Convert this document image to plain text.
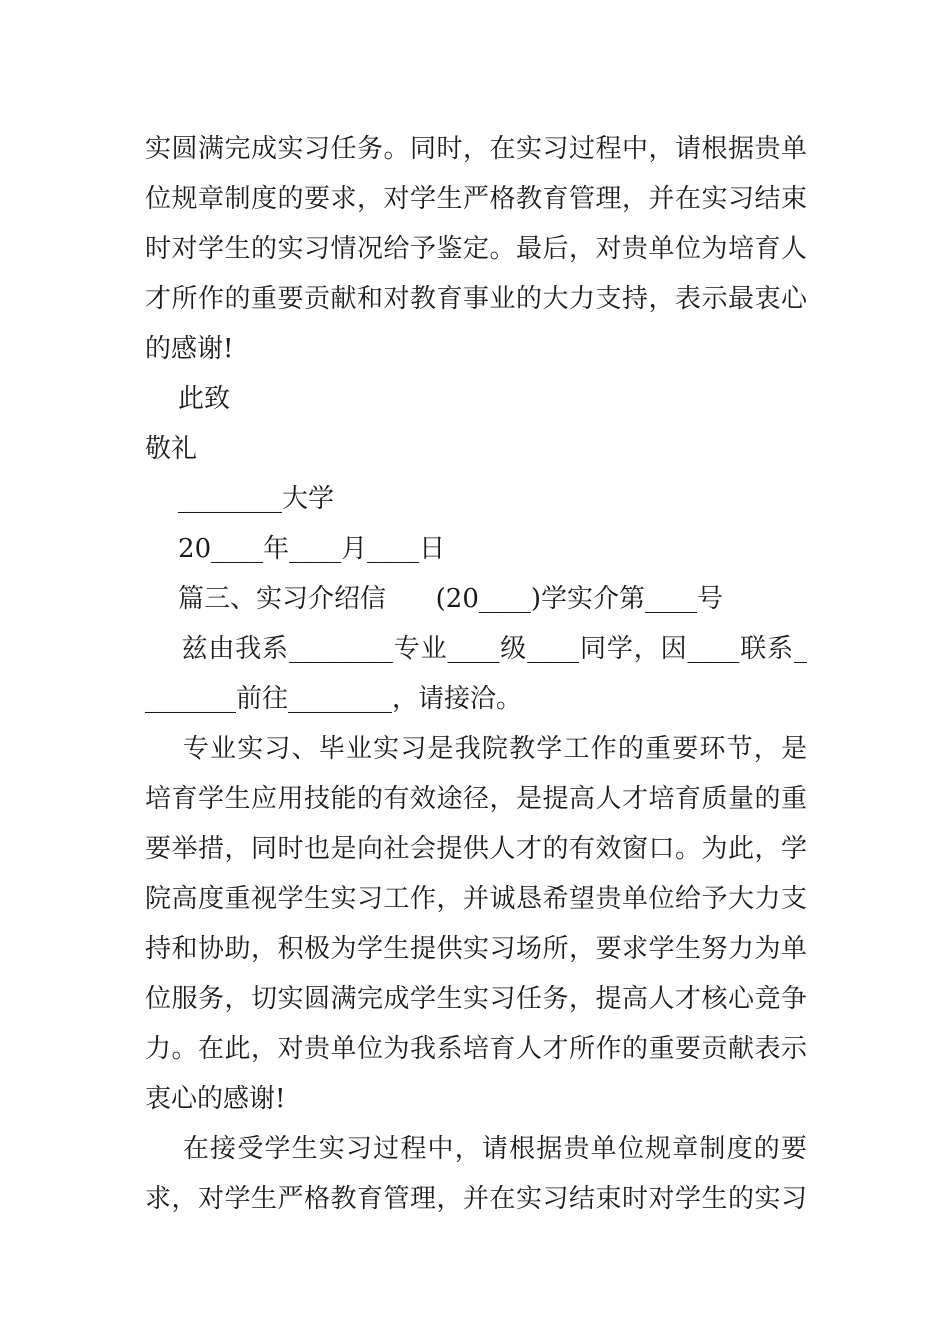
实圆满完成实习任务。同时，在实习过程中，请根据贵单
位规章制度的要求，对学生严格教育管理，并在实习结束
时对学生的实习情况给予鉴定。最后，对贵单位为培育人
才所作的重要贡献和对教育事业的大力支持，表示最衷心
的感谢!
此致
敬礼
________大学
20____年____月____日
篇三、实习介绍信      (20____)学实介第____号
兹由我系________专业____级____同学，因____联系_
_______前往________，请接洽。
专业实习、毕业实习是我院教学工作的重要环节，是
培育学生应用技能的有效途径，是提高人才培育质量的重
要举措，同时也是向社会提供人才的有效窗口。为此，学
院高度重视学生实习工作，并诚恳希望贵单位给予大力支
持和协助，积极为学生提供实习场所，要求学生努力为单
位服务，切实圆满完成学生实习任务，提高人才核心竞争
力。在此，对贵单位为我系培育人才所作的重要贡献表示
衷心的感谢!
在接受学生实习过程中，请根据贵单位规章制度的要
求，对学生严格教育管理，并在实习结束时对学生的实习
